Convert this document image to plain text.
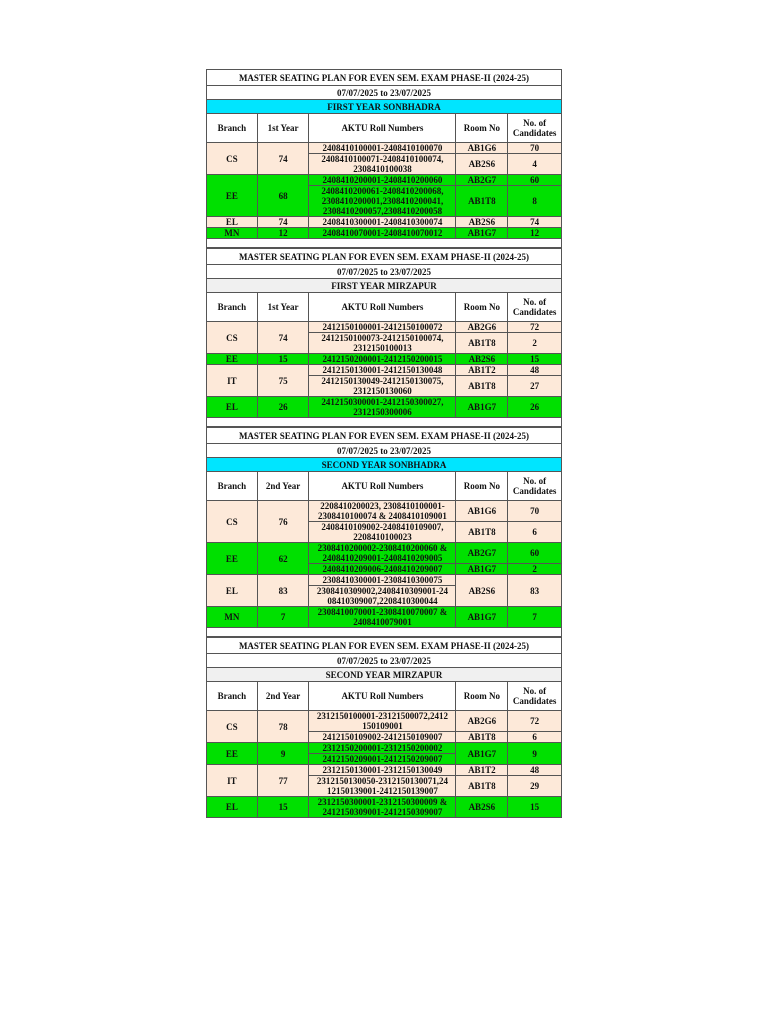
MASTER SEATING PLAN FOR EVEN SEM. EXAM PHASE-II (2024-25)				
07/07/2025 to 23/07/2025				
FIRST YEAR SONBHADRA				
Branch	1st Year	AKTU Roll Numbers	Room No	No. of
Candidates
CS	74	2408410100001-2408410100070	AB1G6	70
		2408410100071-2408410100074, 2308410100038	AB2S6	4
EE	68	2408410200001-2408410200060	AB2G7	60
		2408410200061-2408410200068, 2308410200001,2308410200041, 2308410200057,2308410200058	AB1T8	8
EL	74	2408410300001-2408410300074	AB2S6	74
MN	12	2408410070001-2408410070012	AB1G7	12

MASTER SEATING PLAN FOR EVEN SEM. EXAM PHASE-II (2024-25)				
07/07/2025 to 23/07/2025				
FIRST YEAR MIRZAPUR				
Branch	1st Year	AKTU Roll Numbers	Room No	No. of
Candidates
CS	74	2412150100001-2412150100072	AB2G6	72
		2412150100073-2412150100074, 2312150100013	AB1T8	2
EE	15	2412150200001-2412150200015	AB2S6	15
IT	75	2412150130001-2412150130048	AB1T2	48
		2412150130049-2412150130075, 2312150130060	AB1T8	27
EL	26	2412150300001-2412150300027, 2312150300006	AB1G7	26

MASTER SEATING PLAN FOR EVEN SEM. EXAM PHASE-II (2024-25)				
07/07/2025 to 23/07/2025				
SECOND YEAR SONBHADRA				
Branch	2nd Year	AKTU Roll Numbers	Room No	No. of
Candidates
CS	76	2208410200023, 2308410100001-2308410100074 & 2408410109001	AB1G6	70
		2408410109002-2408410109007, 2208410100023	AB1T8	6
EE	62	2308410200002-2308410200060 & 2408410209001-2408410209005	AB2G7	60
		2408410209006-2408410209007	AB1G7	2
EL	83	2308410300001-2308410300075	AB2S6	83
		2308410309002,2408410309001-24 08410309007,2208410300044		
MN	7	2308410070001-2308410070007 & 2408410079001	AB1G7	7

MASTER SEATING PLAN FOR EVEN SEM. EXAM PHASE-II (2024-25)				
07/07/2025 to 23/07/2025				
SECOND YEAR MIRZAPUR				
Branch	2nd Year	AKTU Roll Numbers	Room No	No. of
Candidates
CS	78	2312150100001-23121500072,2412 150109001	AB2G6	72
		2412150109002-2412150109007	AB1T8	6
EE	9	2312150200001-2312150200002	AB1G7	9
		2412150209001-2412150209007		
IT	77	2312150130001-2312150130049	AB1T2	48
		2312150130050-2312150130071,24 12150139001-2412150139007	AB1T8	29
EL	15	2312150300001-2312150300009 & 2412150309001-2412150309007	AB2S6	15
